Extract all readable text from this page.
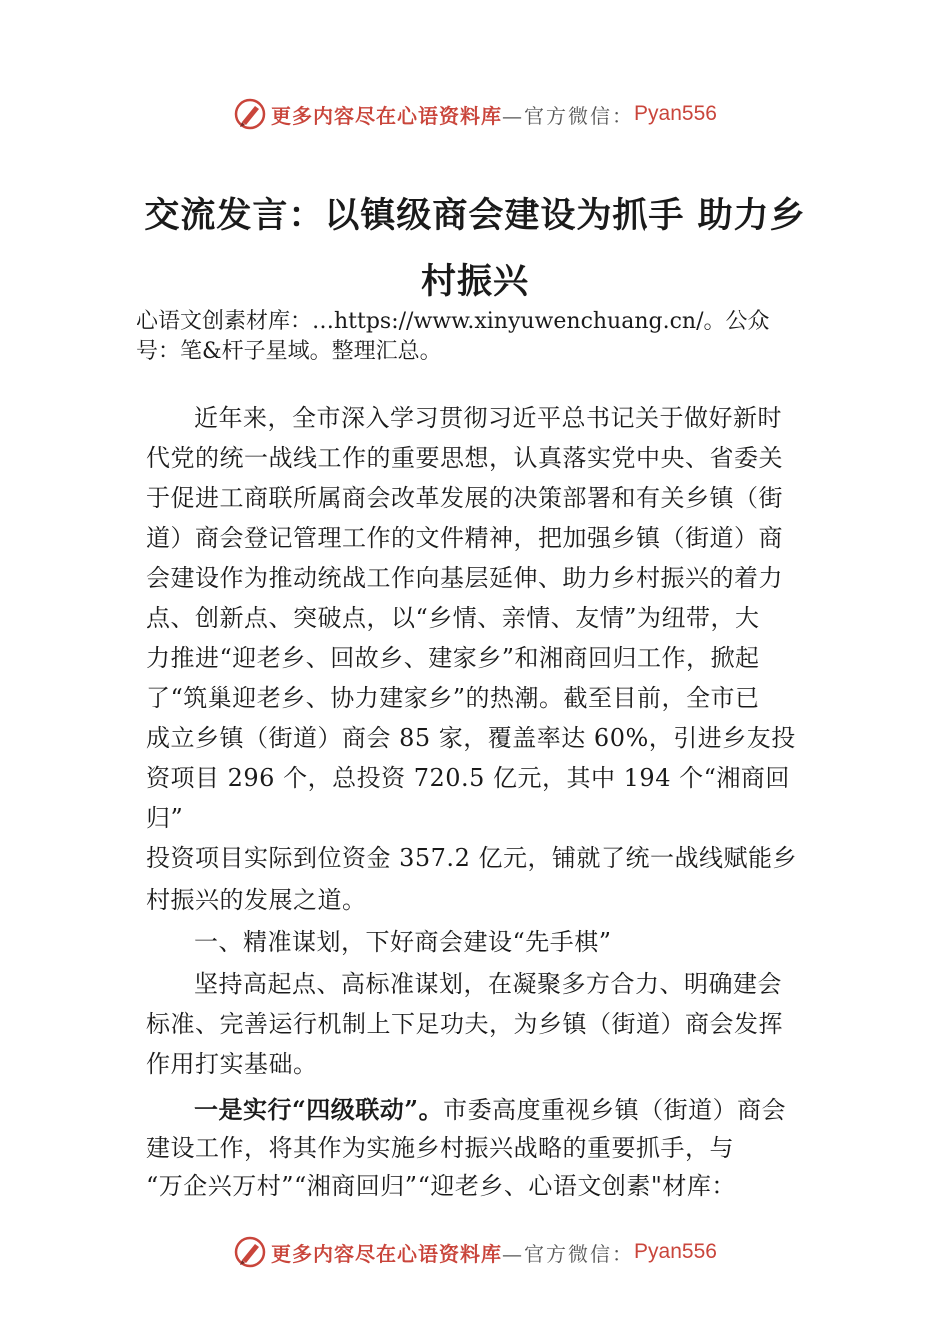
更多内容尽在心语资料库 —官方微信： Pyan556
交流发言：以镇级商会建设为抓手 助力乡
村振兴
心语文创素材库：…https://www.xinyuwenchuang.cn/。公众
号：笔&杆子星域。整理汇总。
近年来，全市深入学习贯彻习近平总书记关于做好新时
代党的统一战线工作的重要思想，认真落实党中央、省委关
于促进工商联所属商会改革发展的决策部署和有关乡镇（街
道）商会登记管理工作的文件精神，把加强乡镇（街道）商
会建设作为推动统战工作向基层延伸、助力乡村振兴的着力
点、创新点、突破点，以“乡情、亲情、友情”为纽带，大
力推进“迎老乡、回故乡、建家乡”和湘商回归工作，掀起
了“筑巢迎老乡、协力建家乡”的热潮。截至目前，全市已
成立乡镇（街道）商会 85 家，覆盖率达 60%，引进乡友投
资项目 296 个，总投资 720.5 亿元，其中 194 个“湘商回
归”
投资项目实际到位资金 357.2 亿元，铺就了统一战线赋能乡
村振兴的发展之道。
一、精准谋划，下好商会建设“先手棋”
坚持高起点、高标准谋划，在凝聚多方合力、明确建会
标准、完善运行机制上下足功夫，为乡镇（街道）商会发挥
作用打实基础。
一是实行“四级联动”。市委高度重视乡镇（街道）商会
建设工作，将其作为实施乡村振兴战略的重要抓手，与
“万企兴万村”“湘商回归”“迎老乡、心语文创素"材库：
更多内容尽在心语资料库 —官方微信： Pyan556
